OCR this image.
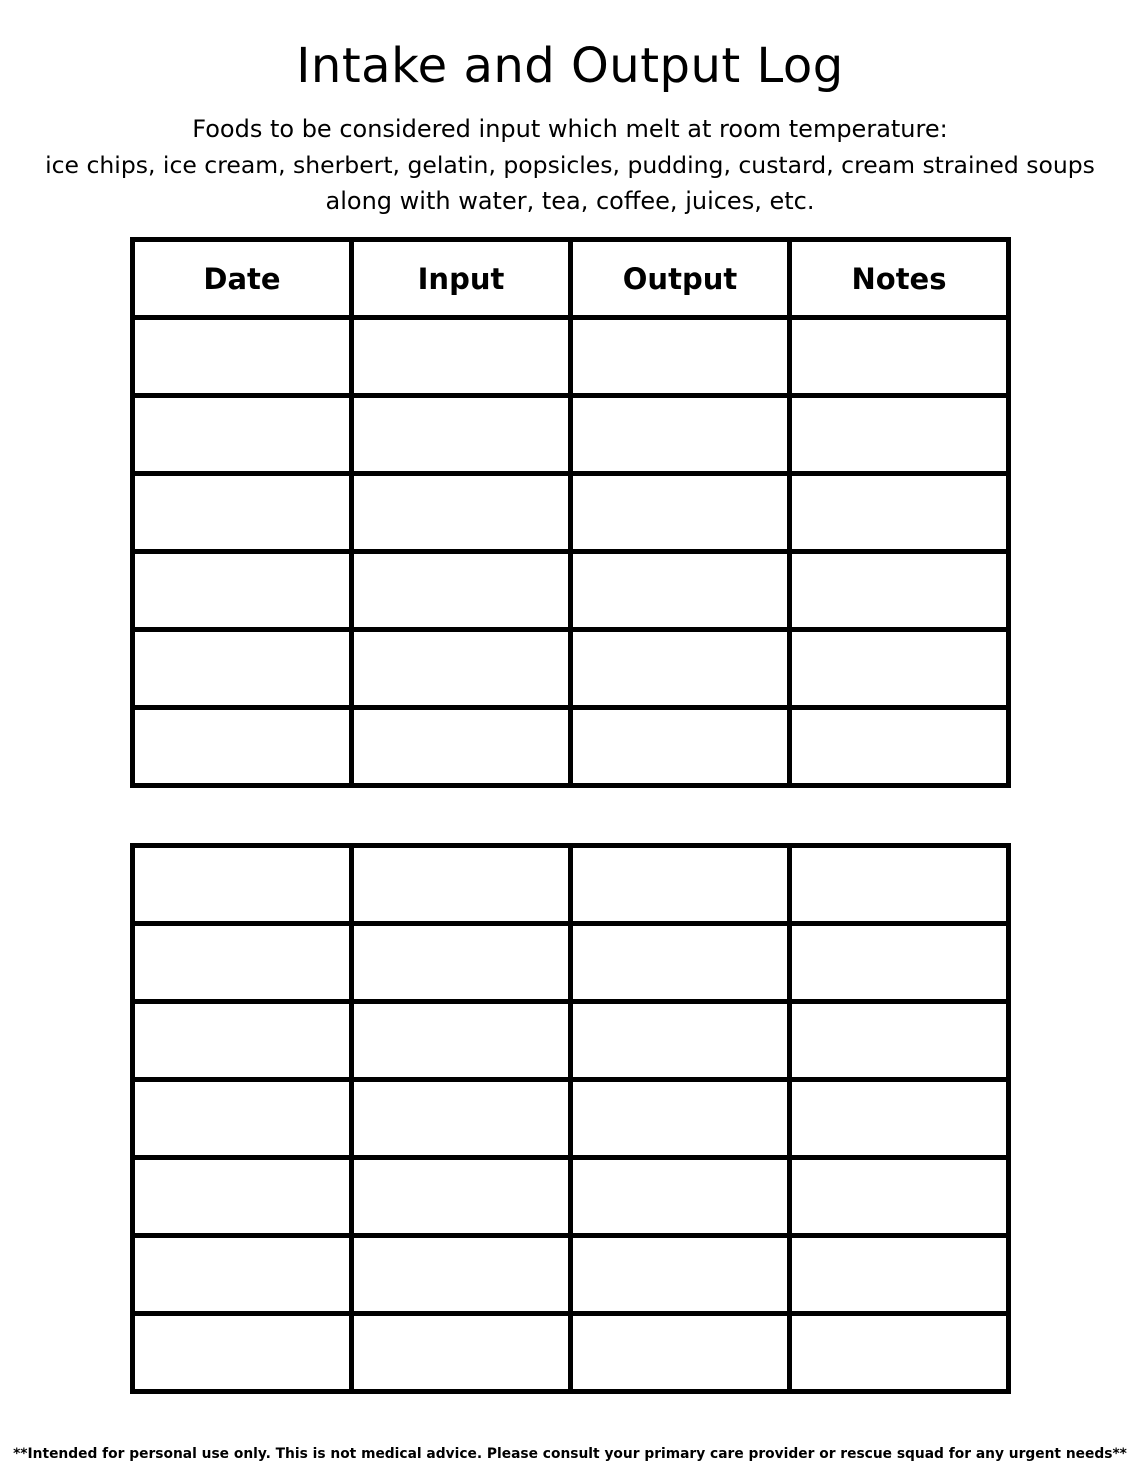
Intake and Output Log
Foods to be considered input which melt at room temperature:
ice chips, ice cream, sherbert, gelatin, popsicles, pudding, custard, cream strained soups
along with water, tea, coffee, juices, etc.
Date	Input	Output	Notes

**Intended for personal use only. This is not medical advice. Please consult your primary care provider or rescue squad for any urgent needs**
